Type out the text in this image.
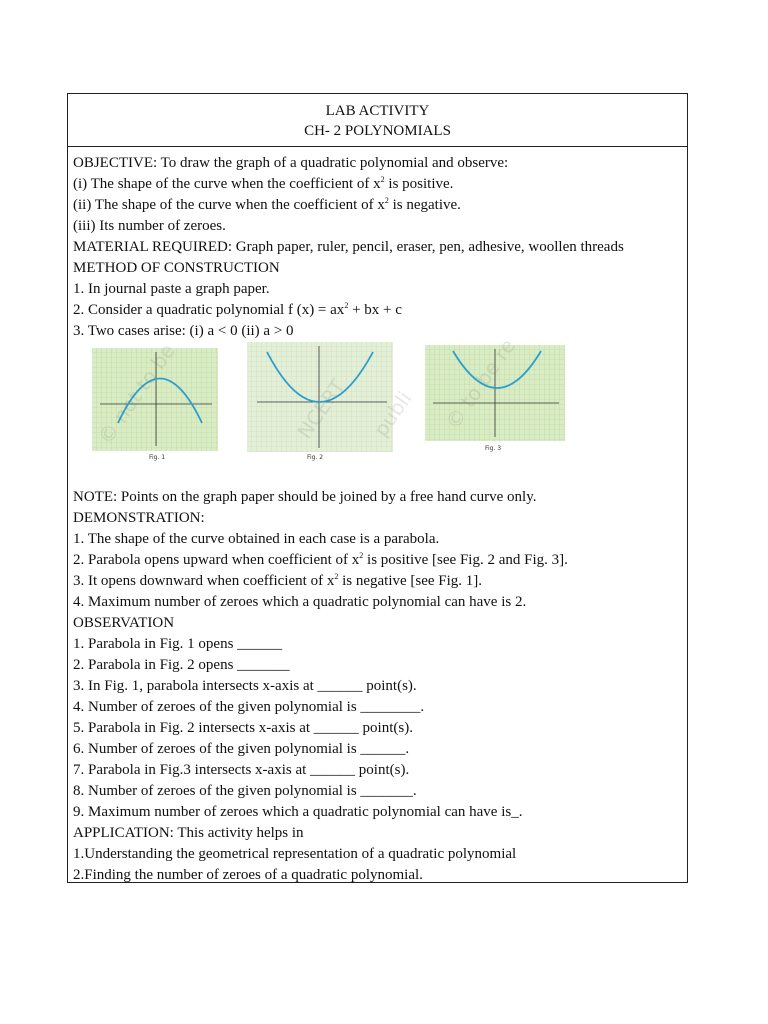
LAB ACTIVITY
CH- 2 POLYNOMIALS
OBJECTIVE: To draw the graph of a quadratic polynomial and observe:
(i) The shape of the curve when the coefficient of $x^2$ is positive.
(ii) The shape of the curve when the coefficient of $x^2$ is negative.
(iii) Its number of zeroes.
MATERIAL REQUIRED: Graph paper, ruler, pencil, eraser, pen, adhesive, woollen threads
METHOD OF CONSTRUCTION
1. In journal paste a graph paper.
2. Consider a quadratic polynomial f $(x) = ax^2$ + bx + c
3. Two cases arise: (i) a < 0 (ii) a > 0
Fig. 1	Fig. 2
Fig. 3
© not to be	NCERT publi © to be re
NOTE: Points on the graph paper should be joined by a free hand curve only.
DEMONSTRATION:
1. The shape of the curve obtained in each case is a parabola.
2. Parabola opens upward when coefficient of $x^2$ is positive [see Fig. 2 and Fig. 3].
3. It opens downward when coefficient of $x^2$ is negative [see Fig. 1].
4. Maximum number of zeroes which a quadratic polynomial can have is 2.
OBSERVATION
1. Parabola in Fig. 1 opens ______
2. Parabola in Fig. 2 opens _______
3. In Fig. 1, parabola intersects x-axis at ______ point(s).
4. Number of zeroes of the given polynomial is ________.
5. Parabola in Fig. 2 intersects x-axis at ______ point(s).
6. Number of zeroes of the given polynomial is ______.
7. Parabola in Fig.3 intersects x-axis at ______ point(s).
8. Number of zeroes of the given polynomial is _______.
9. Maximum number of zeroes which a quadratic polynomial can have is_.
APPLICATION: This activity helps in
1.Understanding the geometrical representation of a quadratic polynomial
2.Finding the number of zeroes of a quadratic polynomial.
